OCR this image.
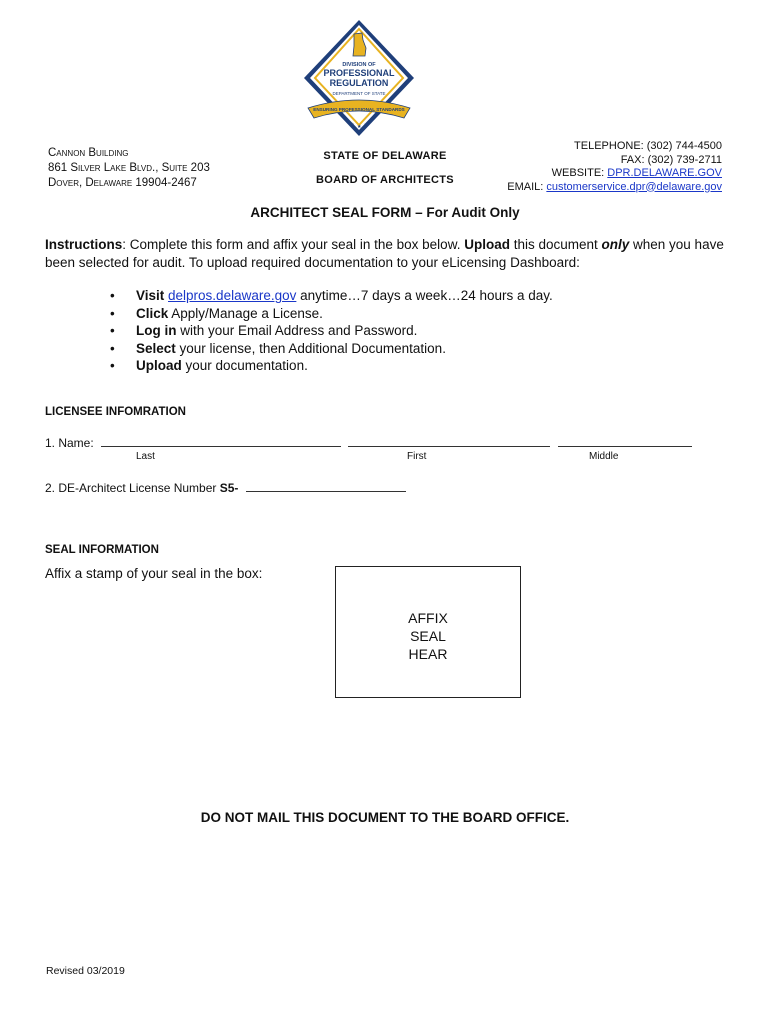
DIVISION OF
PROFESSIONAL
REGULATION
DEPARTMENT OF STATE
ENSURING PROFESSIONAL STANDARDS
★ ★ ★
Cannon Building
861 Silver Lake Blvd., Suite 203
Dover, Delaware 19904-2467
STATE OF DELAWARE
BOARD OF ARCHITECTS
TELEPHONE: (302) 744-4500
FAX: (302) 739-2711
WEBSITE: DPR.DELAWARE.GOV
EMAIL: customerservice.dpr@delaware.gov
ARCHITECT SEAL FORM – For Audit Only
Instructions: Complete this form and affix your seal in the box below. Upload this document only when you have been selected for audit. To upload required documentation to your eLicensing Dashboard:
• Visit delpros.delaware.gov anytime…7 days a week…24 hours a day.
• Click Apply/Manage a License.
• Log in with your Email Address and Password.
• Select your license, then Additional Documentation.
• Upload your documentation.
LICENSEE INFOMRATION
1. Name:
Last	First	Middle
2. DE-Architect License Number S5-
SEAL INFORMATION
Affix a stamp of your seal in the box:
AFFIX
SEAL
HEAR
DO NOT MAIL THIS DOCUMENT TO THE BOARD OFFICE.
Revised 03/2019
